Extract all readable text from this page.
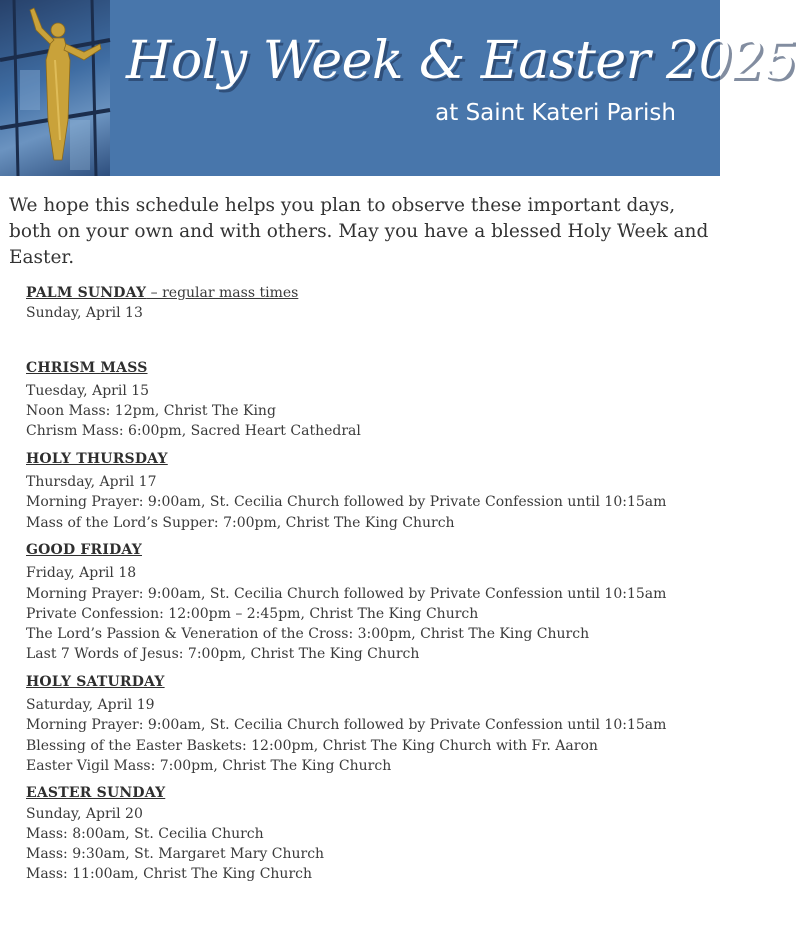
Holy Week & Easter 2025
at Saint Kateri Parish
We hope this schedule helps you plan to observe these important days, both on your own and with others. May you have a blessed Holy Week and Easter.
PALM SUNDAY – regular mass times
Sunday, April 13
CHRISM MASS
Tuesday, April 15
Noon Mass: 12pm, Christ The King
Chrism Mass: 6:00pm, Sacred Heart Cathedral
HOLY THURSDAY
Thursday, April 17
Morning Prayer: 9:00am, St. Cecilia Church followed by Private Confession until 10:15am
Mass of the Lord’s Supper: 7:00pm, Christ The King Church
GOOD FRIDAY
Friday, April 18
Morning Prayer: 9:00am, St. Cecilia Church followed by Private Confession until 10:15am
Private Confession: 12:00pm – 2:45pm, Christ The King Church
The Lord’s Passion & Veneration of the Cross: 3:00pm, Christ The King Church
Last 7 Words of Jesus: 7:00pm, Christ The King Church
HOLY SATURDAY
Saturday, April 19
Morning Prayer: 9:00am, St. Cecilia Church followed by Private Confession until 10:15am
Blessing of the Easter Baskets: 12:00pm, Christ The King Church with Fr. Aaron
Easter Vigil Mass: 7:00pm, Christ The King Church
EASTER SUNDAY
Sunday, April 20
Mass: 8:00am, St. Cecilia Church
Mass: 9:30am, St. Margaret Mary Church
Mass: 11:00am, Christ The King Church
